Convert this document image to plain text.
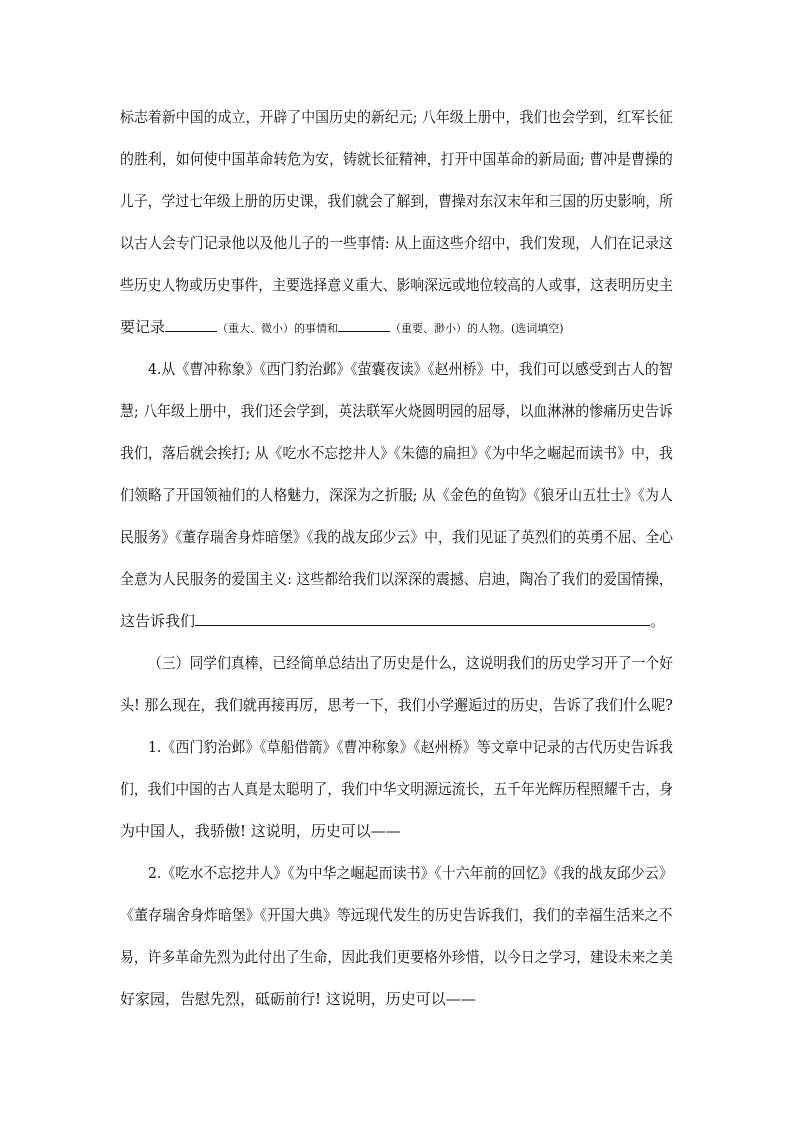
标志着新中国的成立，开辟了中国历史的新纪元; 八年级上册中，我们也会学到，红军长征
的胜利，如何使中国革命转危为安，铸就长征精神，打开中国革命的新局面; 曹冲是曹操的
儿子，学过七年级上册的历史课，我们就会了解到，曹操对东汉末年和三国的历史影响，所
以古人会专门记录他以及他儿子的一些事情: 从上面这些介绍中，我们发现，人们在记录这
些历史人物或历史事件，主要选择意义重大、影响深远或地位较高的人或事，这表明历史主
要记录	（重大、微小）的事情和	（重要、渺小）的人物。(选词填空)
4.从《曹冲称象》《西门豹治邺》《萤囊夜读》《赵州桥》中，我们可以感受到古人的智
慧; 八年级上册中，我们还会学到，英法联军火烧圆明园的屈辱，以血淋淋的惨痛历史告诉
我们，落后就会挨打; 从《吃水不忘挖井人》《朱德的扁担》《为中华之崛起而读书》中，我
们领略了开国领袖们的人格魅力，深深为之折服; 从《金色的鱼钩》《狼牙山五壮士》《为人
民服务》《董存瑞舍身炸暗堡》《我的战友邱少云》中，我们见证了英烈们的英勇不屈、全心
全意为人民服务的爱国主义: 这些都给我们以深深的震撼、启迪，陶冶了我们的爱国情操，
这告诉我们	。
（三）同学们真棒，已经简单总结出了历史是什么，这说明我们的历史学习开了一个好
头! 那么现在，我们就再接再厉，思考一下，我们小学邂逅过的历史，告诉了我们什么呢?
1.《西门豹治邺》《草船借箭》《曹冲称象》《赵州桥》等文章中记录的古代历史告诉我
们，我们中国的古人真是太聪明了，我们中华文明源远流长，五千年光辉历程照耀千古，身
为中国人，我骄傲! 这说明，历史可以——
2.《吃水不忘挖井人》《为中华之崛起而读书》《十六年前的回忆》《我的战友邱少云》
《董存瑞舍身炸暗堡》《开国大典》等远现代发生的历史告诉我们，我们的幸福生活来之不
易，许多革命先烈为此付出了生命，因此我们更要格外珍惜，以今日之学习，建设未来之美
好家园，告慰先烈，砥砺前行! 这说明，历史可以——
